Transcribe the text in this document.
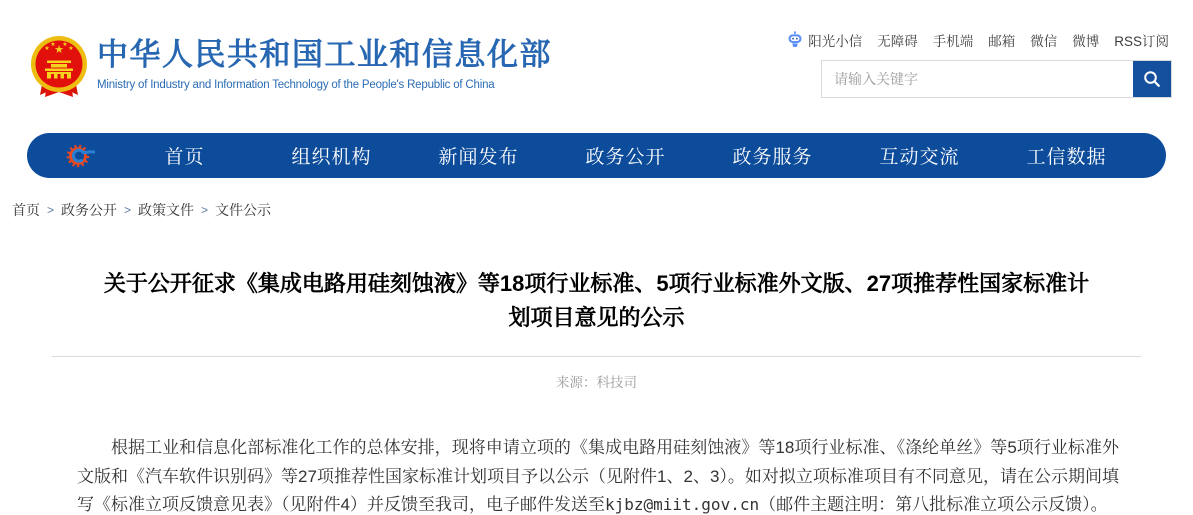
★
★
★ ★
★ 中华人民共和国工业和信息化部
Ministry of Industry and Information Technology of the People's Republic of China
阳光小信 无障碍 手机端 邮箱 微信 微博 RSS订阅
请输入关键字
首页	组织机构	新闻发布	政务公开	政务服务	互动交流	工信数据
首页 > 政务公开 > 政策文件 > 文件公示
关于公开征求《集成电路用硅刻蚀液》等18项行业标准、5项行业标准外文版、27项推荐性国家标准计划项目意见的公示
来源：科技司

根据工业和信息化部标准化工作的总体安排，现将申请立项的《集成电路用硅刻蚀液》等18项行业标准、《涤纶单丝》等5项行业标准外文版和《汽车软件识别码》等27项推荐性国家标准计划项目予以公示（见附件1、2、3）。如对拟立项标准项目有不同意见，请在公示期间填写《标准立项反馈意见表》（见附件4）并反馈至我司，电子邮件发送至kjbz@miit.gov.cn（邮件主题注明：第八批标准立项公示反馈）。
